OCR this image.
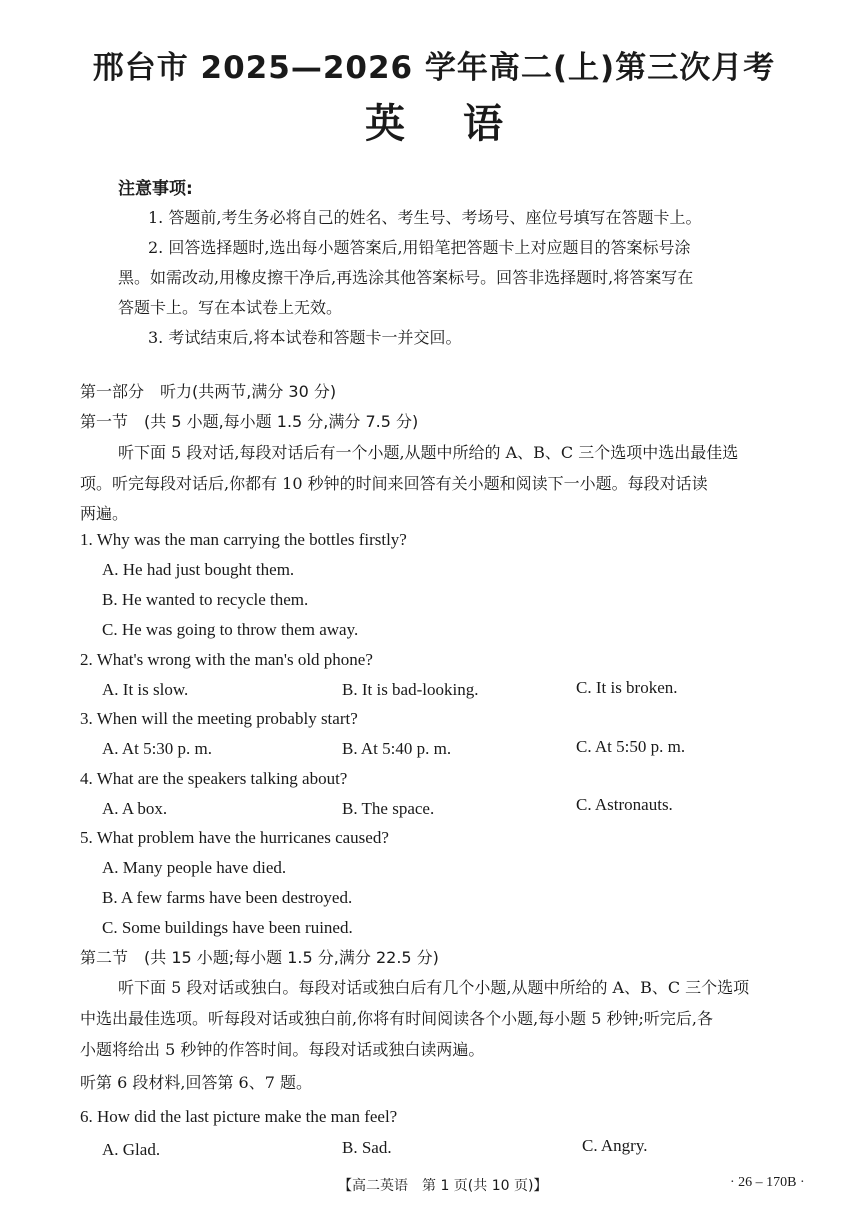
邢台市 2025—2026 学年高二(上)第三次月考
英语
注意事项:
1. 答题前,考生务必将自己的姓名、考生号、考场号、座位号填写在答题卡上。
2. 回答选择题时,选出每小题答案后,用铅笔把答题卡上对应题目的答案标号涂
黑。如需改动,用橡皮擦干净后,再选涂其他答案标号。回答非选择题时,将答案写在
答题卡上。写在本试卷上无效。
3. 考试结束后,将本试卷和答题卡一并交回。
第一部分　听力(共两节,满分 30 分)
第一节　(共 5 小题,每小题 1.5 分,满分 7.5 分)
听下面 5 段对话,每段对话后有一个小题,从题中所给的 A、B、C 三个选项中选出最佳选
项。听完每段对话后,你都有 10 秒钟的时间来回答有关小题和阅读下一小题。每段对话读
两遍。
1. Why was the man carrying the bottles firstly?
A. He had just bought them.
B. He wanted to recycle them.
C. He was going to throw them away.
2. What's wrong with the man's old phone?
A. It is slow.	B. It is bad-looking.	C. It is broken.
3. When will the meeting probably start?
A. At 5:30 p. m.	B. At 5:40 p. m.	C. At 5:50 p. m.
4. What are the speakers talking about?
A. A box.	B. The space.	C. Astronauts.
5. What problem have the hurricanes caused?
A. Many people have died.
B. A few farms have been destroyed.
C. Some buildings have been ruined.
第二节　(共 15 小题;每小题 1.5 分,满分 22.5 分)
听下面 5 段对话或独白。每段对话或独白后有几个小题,从题中所给的 A、B、C 三个选项
中选出最佳选项。听每段对话或独白前,你将有时间阅读各个小题,每小题 5 秒钟;听完后,各
小题将给出 5 秒钟的作答时间。每段对话或独白读两遍。
听第 6 段材料,回答第 6、7 题。
6. How did the last picture make the man feel?
A. Glad.	B. Sad.	C. Angry.
【高二英语　第 1 页(共 10 页)】	· 26 – 170B ·
